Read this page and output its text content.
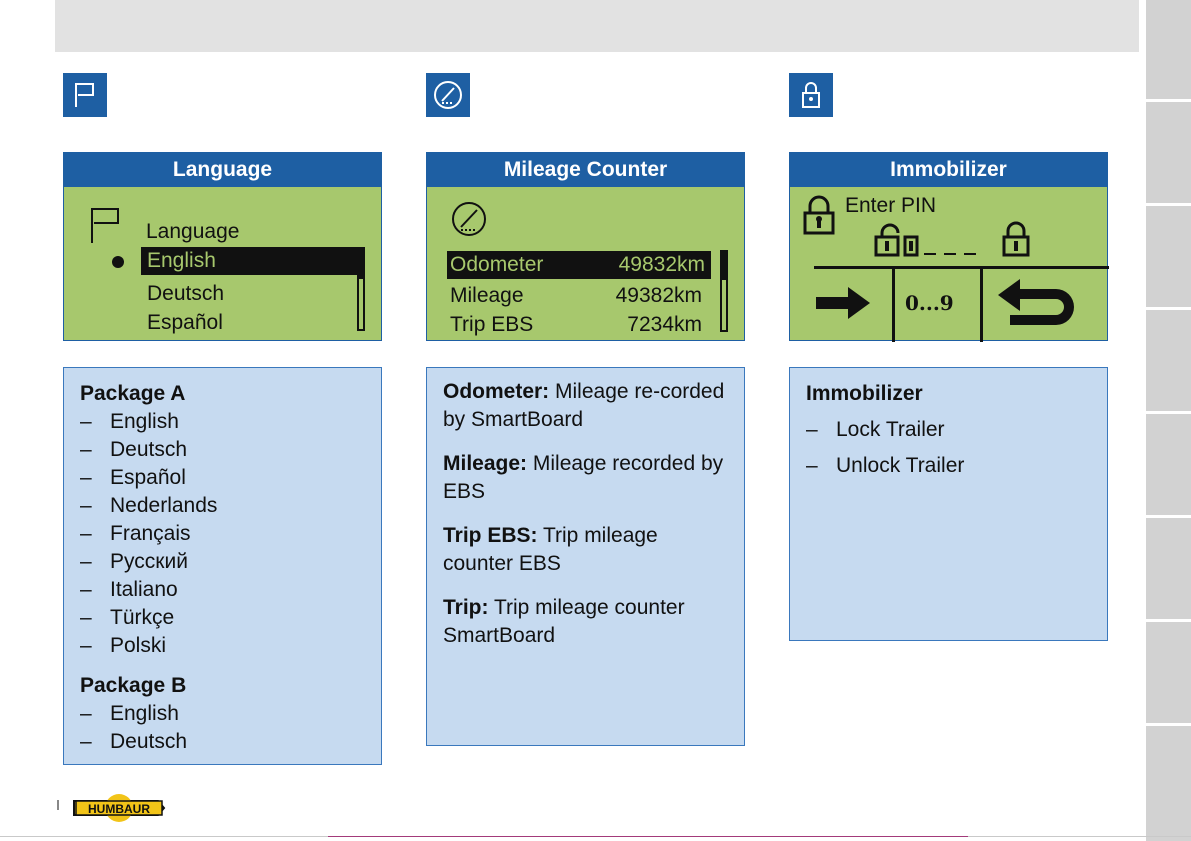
Language
Language
English
Deutsch
Español
Package A
– English
– Deutsch
– Español
– Nederlands
– Français
– Русский
– Italiano
– Türkçe
– Polski
Package B
– English
– Deutsch
Mileage Counter
Odometer	49832km
Mileage	49382km
Trip EBS	7234km

Odometer: Mileage re-corded by SmartBoard

Mileage: Mileage recorded by EBS

Trip EBS: Trip mileage counter EBS

Trip: Trip mileage counter SmartBoard

Immobilizer
Enter PIN
0...9
Immobilizer
– Lock Trailer
– Unlock Trailer
HUMBAUR
